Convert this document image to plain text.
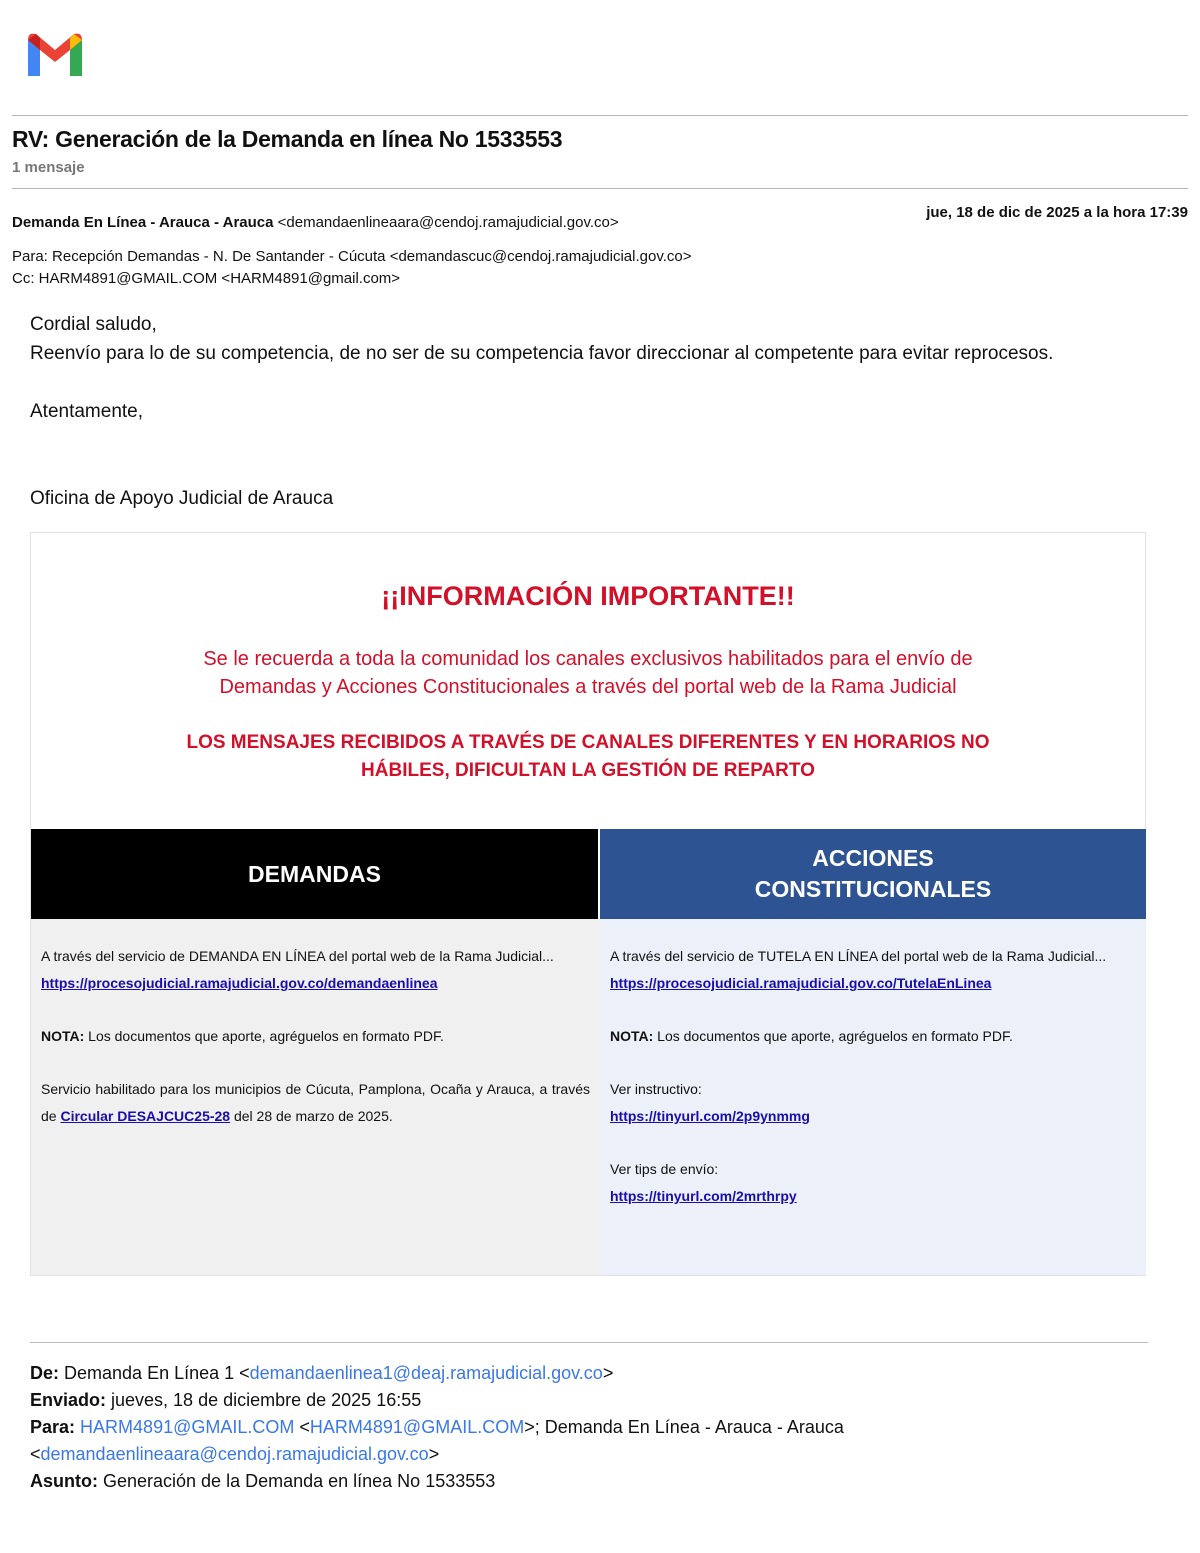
RV: Generación de la Demanda en línea No 1533553
1 mensaje
Demanda En Línea - Arauca - Arauca <demandaenlineaara@cendoj.ramajudicial.gov.co>
jue, 18 de dic de 2025 a la hora 17:39
Para: Recepción Demandas - N. De Santander - Cúcuta <demandascuc@cendoj.ramajudicial.gov.co>
Cc: HARM4891@GMAIL.COM <HARM4891@gmail.com>

Cordial saludo,

Reenvío para lo de su competencia, de no ser de su competencia favor direccionar al competente para evitar reprocesos.

Atentamente,

Oficina de Apoyo Judicial de Arauca

¡¡INFORMACIÓN IMPORTANTE!!
Se le recuerda a toda la comunidad los canales exclusivos habilitados para el envío de
Demandas y Acciones Constitucionales a través del portal web de la Rama Judicial
LOS MENSAJES RECIBIDOS A TRAVÉS DE CANALES DIFERENTES Y EN HORARIOS NO
HÁBILES, DIFICULTAN LA GESTIÓN DE REPARTO
DEMANDAS
ACCIONES
CONSTITUCIONALES

A través del servicio de DEMANDA EN LÍNEA del portal web de la Rama Judicial...
https://procesojudicial.ramajudicial.gov.co/demandaenlinea

NOTA: Los documentos que aporte, agréguelos en formato PDF.

Servicio habilitado para los municipios de Cúcuta, Pamplona, Ocaña y Arauca, a través de Circular DESAJCUC25-28 del 28 de marzo de 2025.

A través del servicio de TUTELA EN LÍNEA del portal web de la Rama Judicial...
https://procesojudicial.ramajudicial.gov.co/TutelaEnLinea

NOTA: Los documentos que aporte, agréguelos en formato PDF.

Ver instructivo:
https://tinyurl.com/2p9ynmmg

Ver tips de envío:
https://tinyurl.com/2mrthrpy

De: Demanda En Línea 1 <demandaenlinea1@deaj.ramajudicial.gov.co>
Enviado: jueves, 18 de diciembre de 2025 16:55
Para: HARM4891@GMAIL.COM <HARM4891@GMAIL.COM>; Demanda En Línea - Arauca - Arauca
<demandaenlineaara@cendoj.ramajudicial.gov.co>
Asunto: Generación de la Demanda en línea No 1533553
